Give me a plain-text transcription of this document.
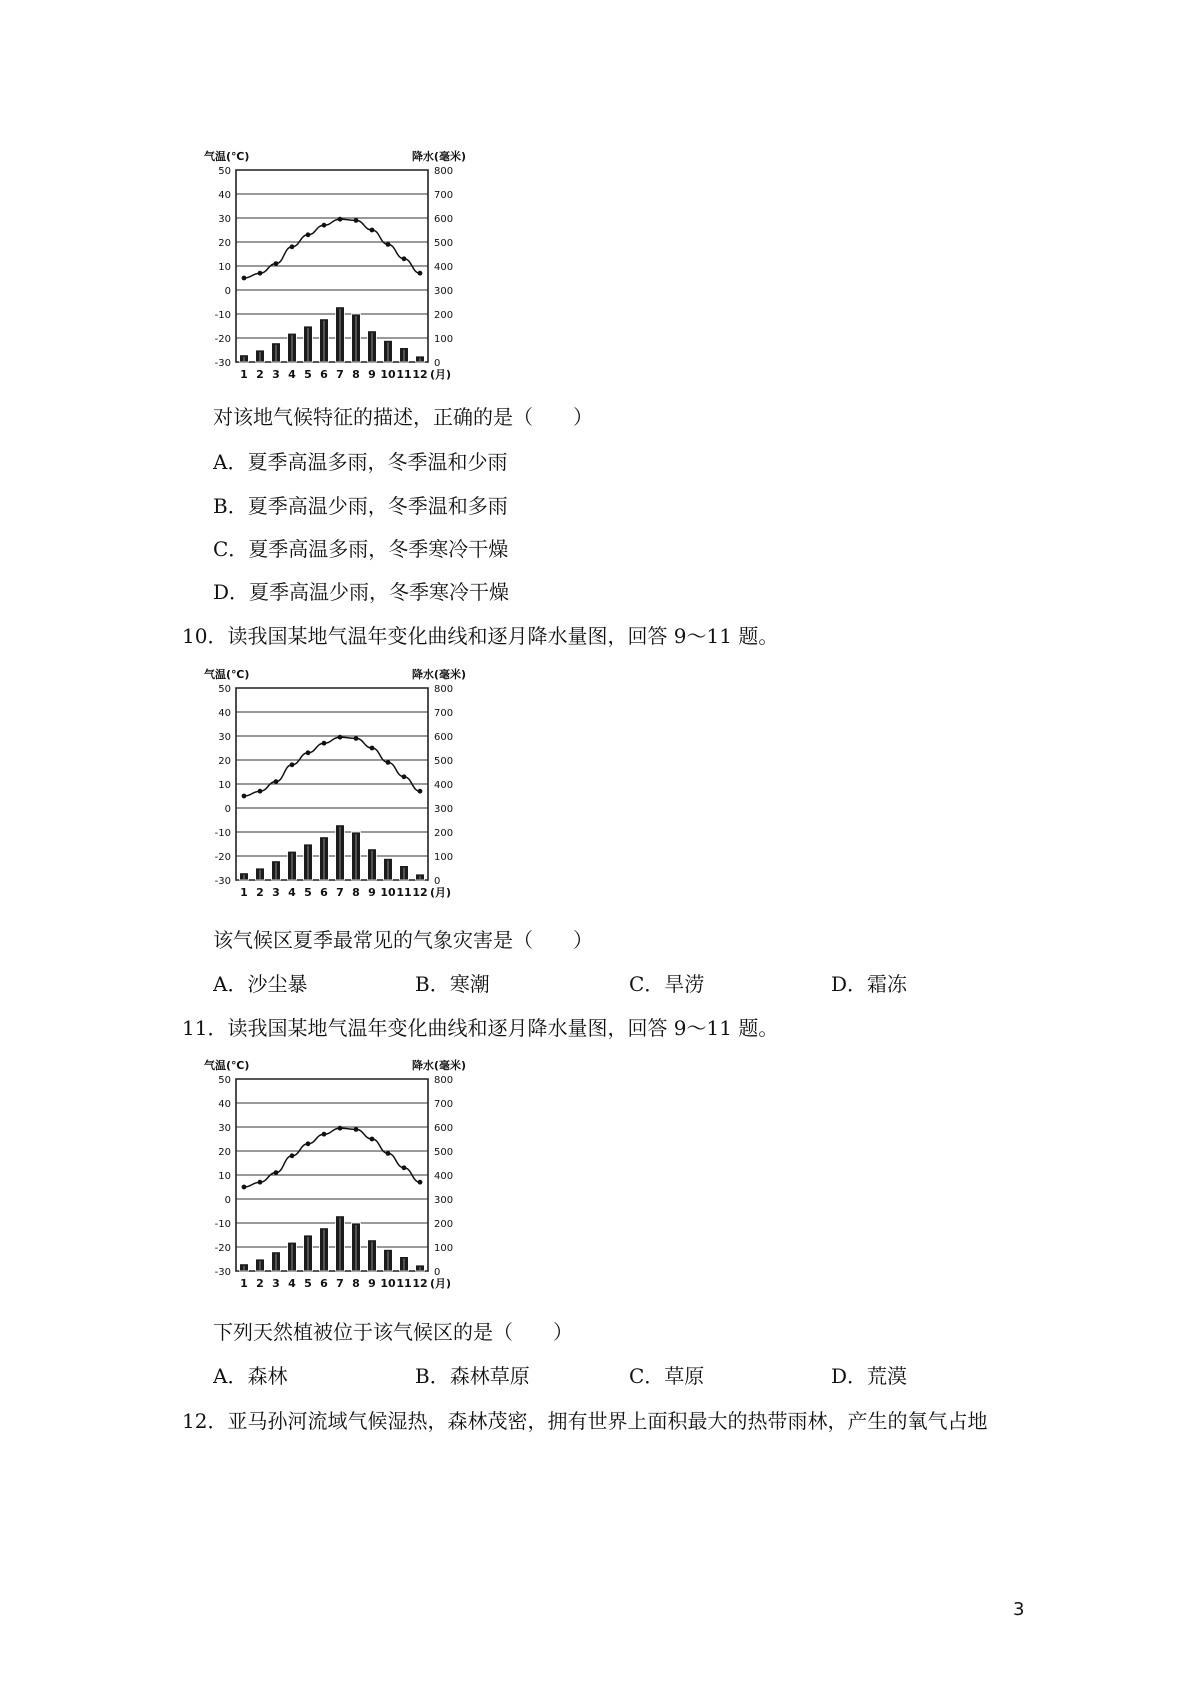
50
40
30
20
10
0
-10
-20
-30
800
700
600
500
400
300
200
100
0
气温(℃)	降水(毫米)
1 2 3 4 5 6 7 8 9 10 11 12 (月)
对该地气候特征的描述，正确的是（　　）
A．夏季高温多雨，冬季温和少雨
B．夏季高温少雨，冬季温和多雨
C．夏季高温多雨，冬季寒冷干燥
D．夏季高温少雨，冬季寒冷干燥
10．读我国某地气温年变化曲线和逐月降水量图，回答 9～11 题。
50
40
30
20
10
0
-10
-20
-30
800
700
600
500
400
300
200
100
0
气温(℃)	降水(毫米)
1 2 3 4 5 6 7 8 9 10 11 12 (月)
该气候区夏季最常见的气象灾害是（　　）
A．沙尘暴	B．寒潮	C．旱涝	D．霜冻
11．读我国某地气温年变化曲线和逐月降水量图，回答 9～11 题。
50
40
30
20
10
0
-10
-20
-30
800
700
600
500
400
300
200
100
0
气温(℃)	降水(毫米)
1 2 3 4 5 6 7 8 9 10 11 12 (月)
下列天然植被位于该气候区的是（　　）
A．森林	B．森林草原	C．草原	D．荒漠
12．亚马孙河流域气候湿热，森林茂密，拥有世界上面积最大的热带雨林，产生的氧气占地
3
